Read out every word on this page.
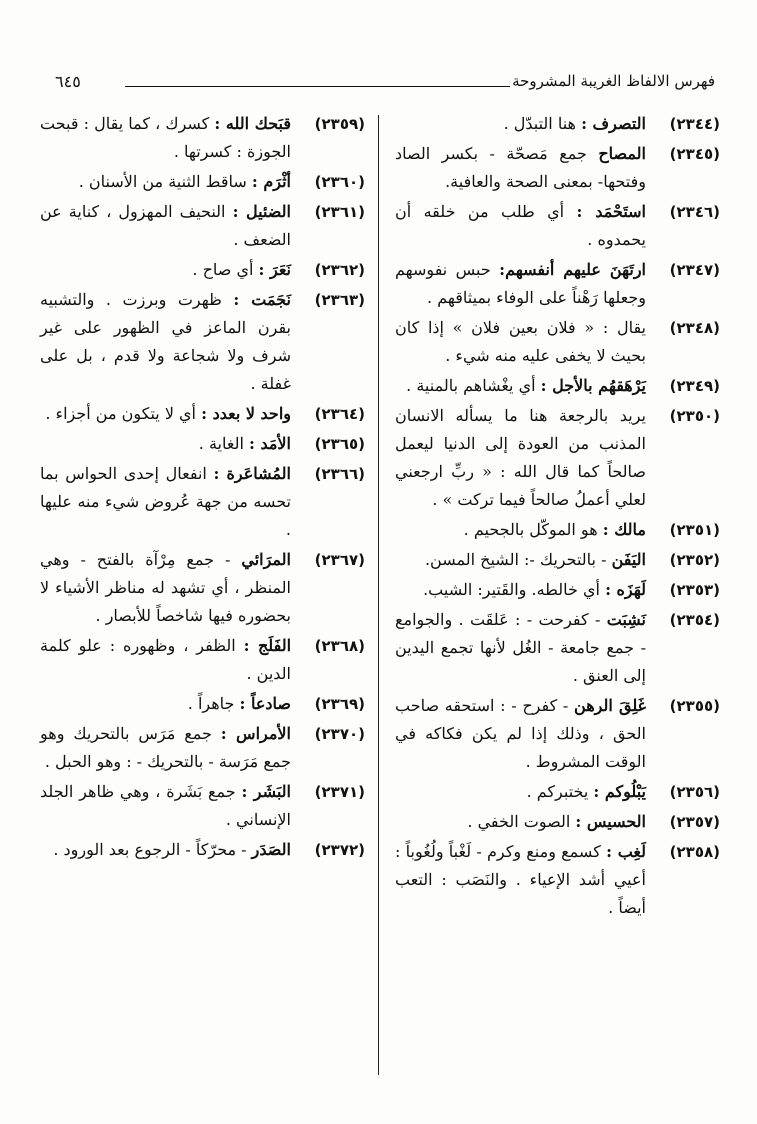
فهرس الالفاظ الغريبة المشروحة
٦٤٥
(٢٣٤٤)
التصرف : هنا التبدّل .
(٢٣٤٥)
المصاح جمع مَصحّة - بكسر الصاد وفتحها- بمعنى الصحة والعافية.
(٢٣٤٦)
استَحْمَد : أي طلب من خلقه أن يحمدوه .
(٢٣٤٧)
ارتَهَنَ عليهم أنفسهم: حبس نفوسهم وجعلها رَهْناً على الوفاء بميثاقهم .
(٢٣٤٨)
يقال : « فلان بعين فلان » إذا كان بحيث لا يخفى عليه منه شيء .
(٢٣٤٩)
يَرْهَقهُم بالأجل : أي يغْشاهم بالمنية .
(٢٣٥٠)
يريد بالرجعة هنا ما يسأله الانسان المذنب من العودة إلى الدنيا ليعمل صالحاً كما قال الله : « ربِّ ارجعني لعلي أعملُ صالحاً فيما تركت » .
(٢٣٥١)
مالك : هو الموكّل بالجحيم .
(٢٣٥٢)
اليَفَن - بالتحريك -: الشيخ المسن.
(٢٣٥٣)
لَهَزَه : أي خالطه. والقَتير: الشيب.
(٢٣٥٤)
نَشِبَت - كفرحت - : عَلقَت . والجوامع - جمع جامعة - الغُل لأنها تجمع اليدين إلى العنق .
(٢٣٥٥)
غَلِقَ الرهن - كفرح - : استحقه صاحب الحق ، وذلك إذا لم يكن فكاكه في الوقت المشروط .
(٢٣٥٦)
يَبْلُوكم : يختبركم .
(٢٣٥٧)
الحسيس : الصوت الخفي .
(٢٣٥٨)
لَغِب : كسمع ومنع وكرم - لَغْباً ولُغُوباً : أعيي أشد الإعياء . والنَصَب : التعب أيضاً .
(٢٣٥٩)
قبَحك الله : كسرك ، كما يقال : قبحت الجوزة : كسرتها .
(٢٣٦٠)
أثْرَم : ساقط الثنية من الأسنان .
(٢٣٦١)
الضئيل : النحيف المهزول ، كناية عن الضعف .
(٢٣٦٢)
نَعَرَ : أي صاح .
(٢٣٦٣)
نَجَمَت : ظهرت وبرزت . والتشبيه بقرن الماعز في الظهور على غير شرف ولا شجاعة ولا قدم ، بل على غفلة .
(٢٣٦٤)
واحد لا بعدد : أي لا يتكون من أجزاء .
(٢٣٦٥)
الأمَد : الغاية .
(٢٣٦٦)
المُشاعَرة : انفعال إحدى الحواس بما تحسه من جهة عُروض شيء منه عليها .
(٢٣٦٧)
المرَائي - جمع مِرْآة بالفتح - وهي المنظر ، أي تشهد له مناظر الأشياء لا بحضوره فيها شاخصاً للأبصار .
(٢٣٦٨)
الفَلَج : الظفر ، وظهوره : علو كلمة الدين .
(٢٣٦٩)
صادعاً : جاهراً .
(٢٣٧٠)
الأمراس : جمع مَرَس بالتحريك وهو جمع مَرَسة - بالتحريك - : وهو الحبل .
(٢٣٧١)
البَشَر : جمع بَشَرة ، وهي ظاهر الجلد الإنساني .
(٢٣٧٢)
الصَدَر - محرّكاً - الرجوع بعد الورود .
